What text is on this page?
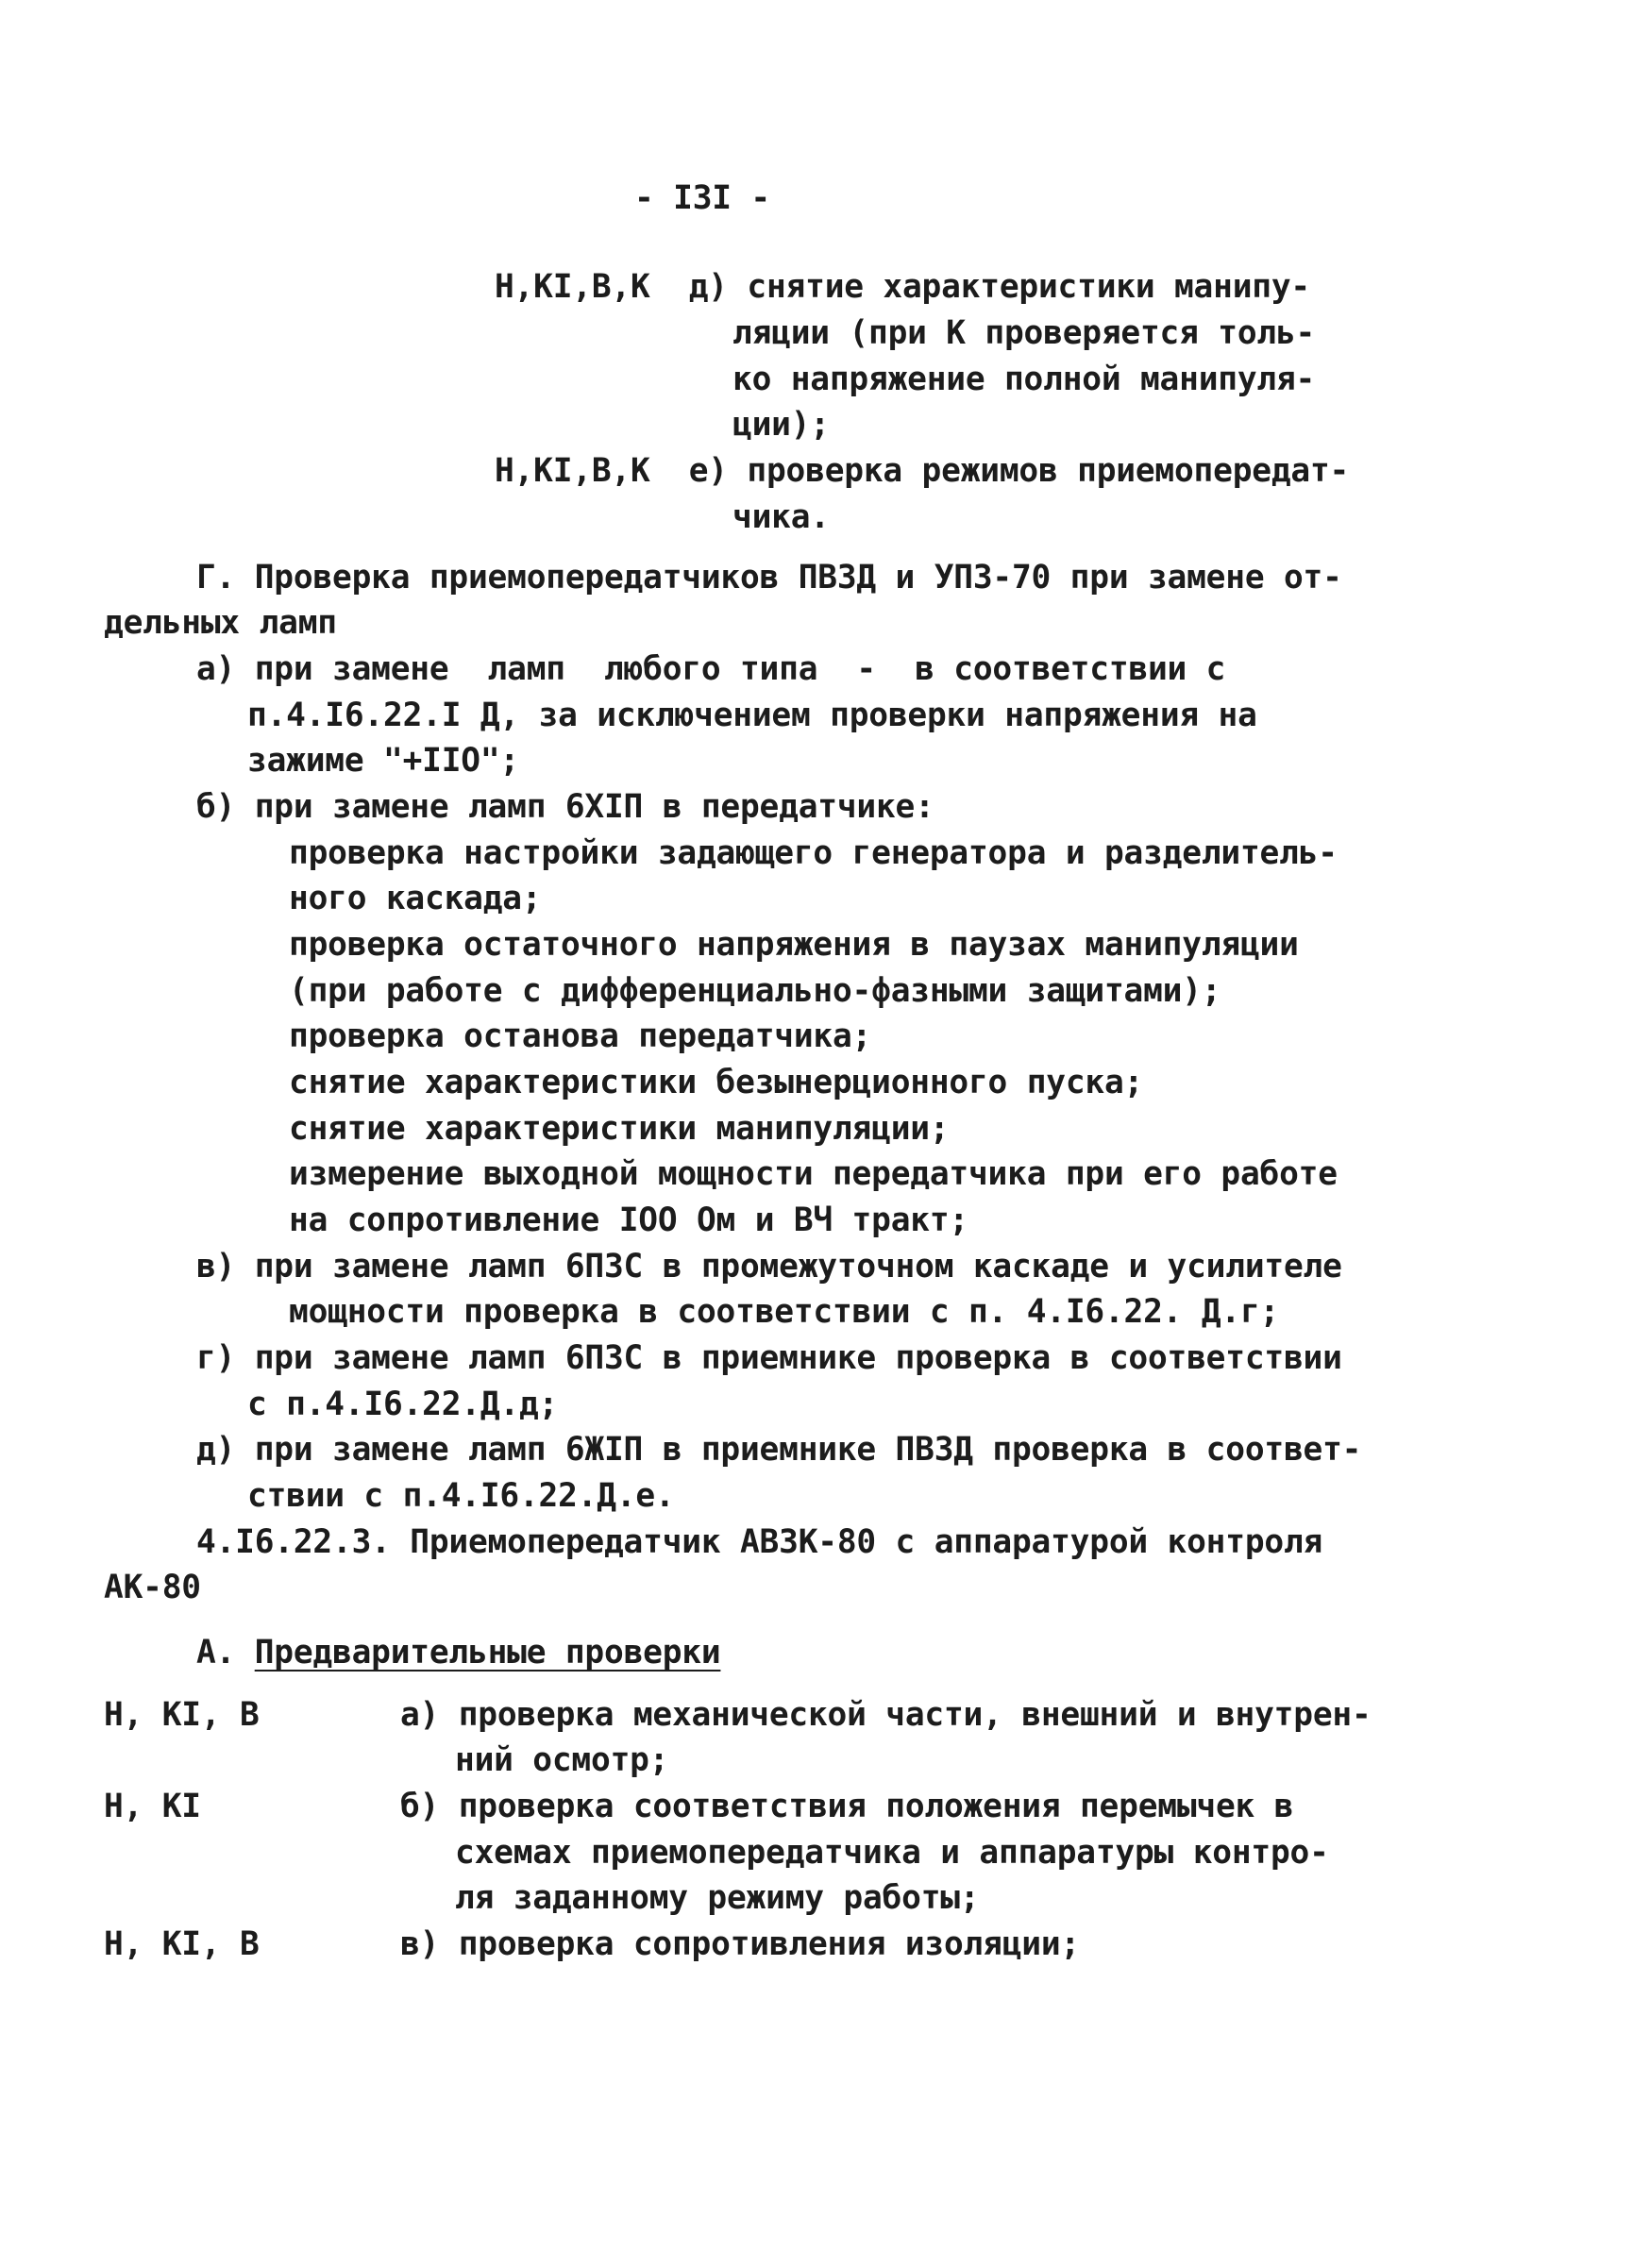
- I3I -
Н,КI,В,К  д) снятие характеристики манипу-
ляции (при К проверяется толь-
ко напряжение полной манипуля-
ции);
Н,КI,В,К  е) проверка режимов приемопередат-
чика.
Г. Проверка приемопередатчиков ПВЗД и УПЗ-70 при замене от-
дельных ламп
а) при замене  ламп  любого типа  -  в соответствии с
п.4.I6.22.I Д, за исключением проверки напряжения на
зажиме "+IIO";
б) при замене ламп 6ХIП в передатчике:
проверка настройки задающего генератора и разделитель-
ного каскада;
проверка остаточного напряжения в паузах манипуляции
(при работе с дифференциально-фазными защитами);
проверка останова передатчика;
снятие характеристики безынерционного пуска;
снятие характеристики манипуляции;
измерение выходной мощности передатчика при его работе
на сопротивление IOO Ом и ВЧ тракт;
в) при замене ламп 6П3С в промежуточном каскаде и усилителе
мощности проверка в соответствии с п. 4.I6.22. Д.г;
г) при замене ламп 6П3С в приемнике проверка в соответствии
с п.4.I6.22.Д.д;
д) при замене ламп 6ЖIП в приемнике ПВЗД проверка в соответ-
ствии с п.4.I6.22.Д.е.
4.I6.22.3. Приемопередатчик АВЗК-80 с аппаратурой контроля
АК-80
А. Предварительные проверки
Н, КI, В	а) проверка механической части, внешний и внутрен-
ний осмотр;
Н, КI	б) проверка соответствия положения перемычек в
схемах приемопередатчика и аппаратуры контро-
ля заданному режиму работы;
Н, КI, В	в) проверка сопротивления изоляции;
